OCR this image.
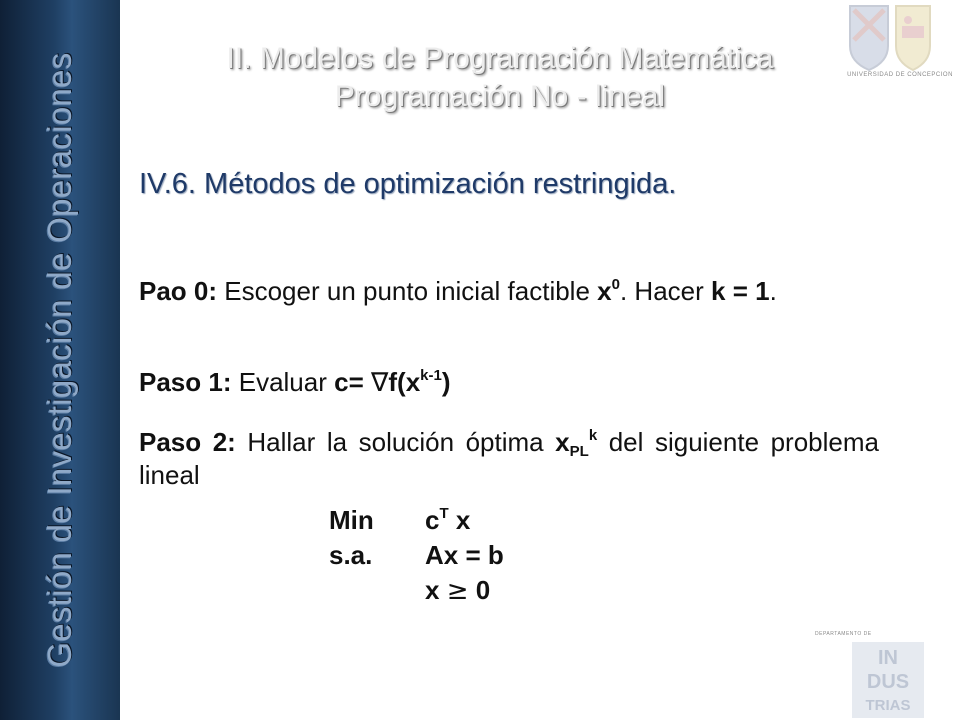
Gestión de Investigación de Operaciones	II. Modelos de Programación Matemática
Programación No - lineal
UNIVERSIDAD DE CONCEPCION
IV.6. Métodos de optimización restringida.
Pao 0: Escoger un punto inicial factible $x^0$. Hacer k = 1.
Paso 1: Evaluar $c= \nabla f(x^{k-1})$
Paso 2: Hallar la solución óptima $x_{PL}^k$ del siguiente problema lineal
Min
s.a.
$c^T$ x
Ax = b
x ≥ 0
IN
DUS
TRIAS
DEPARTAMENTO DE
